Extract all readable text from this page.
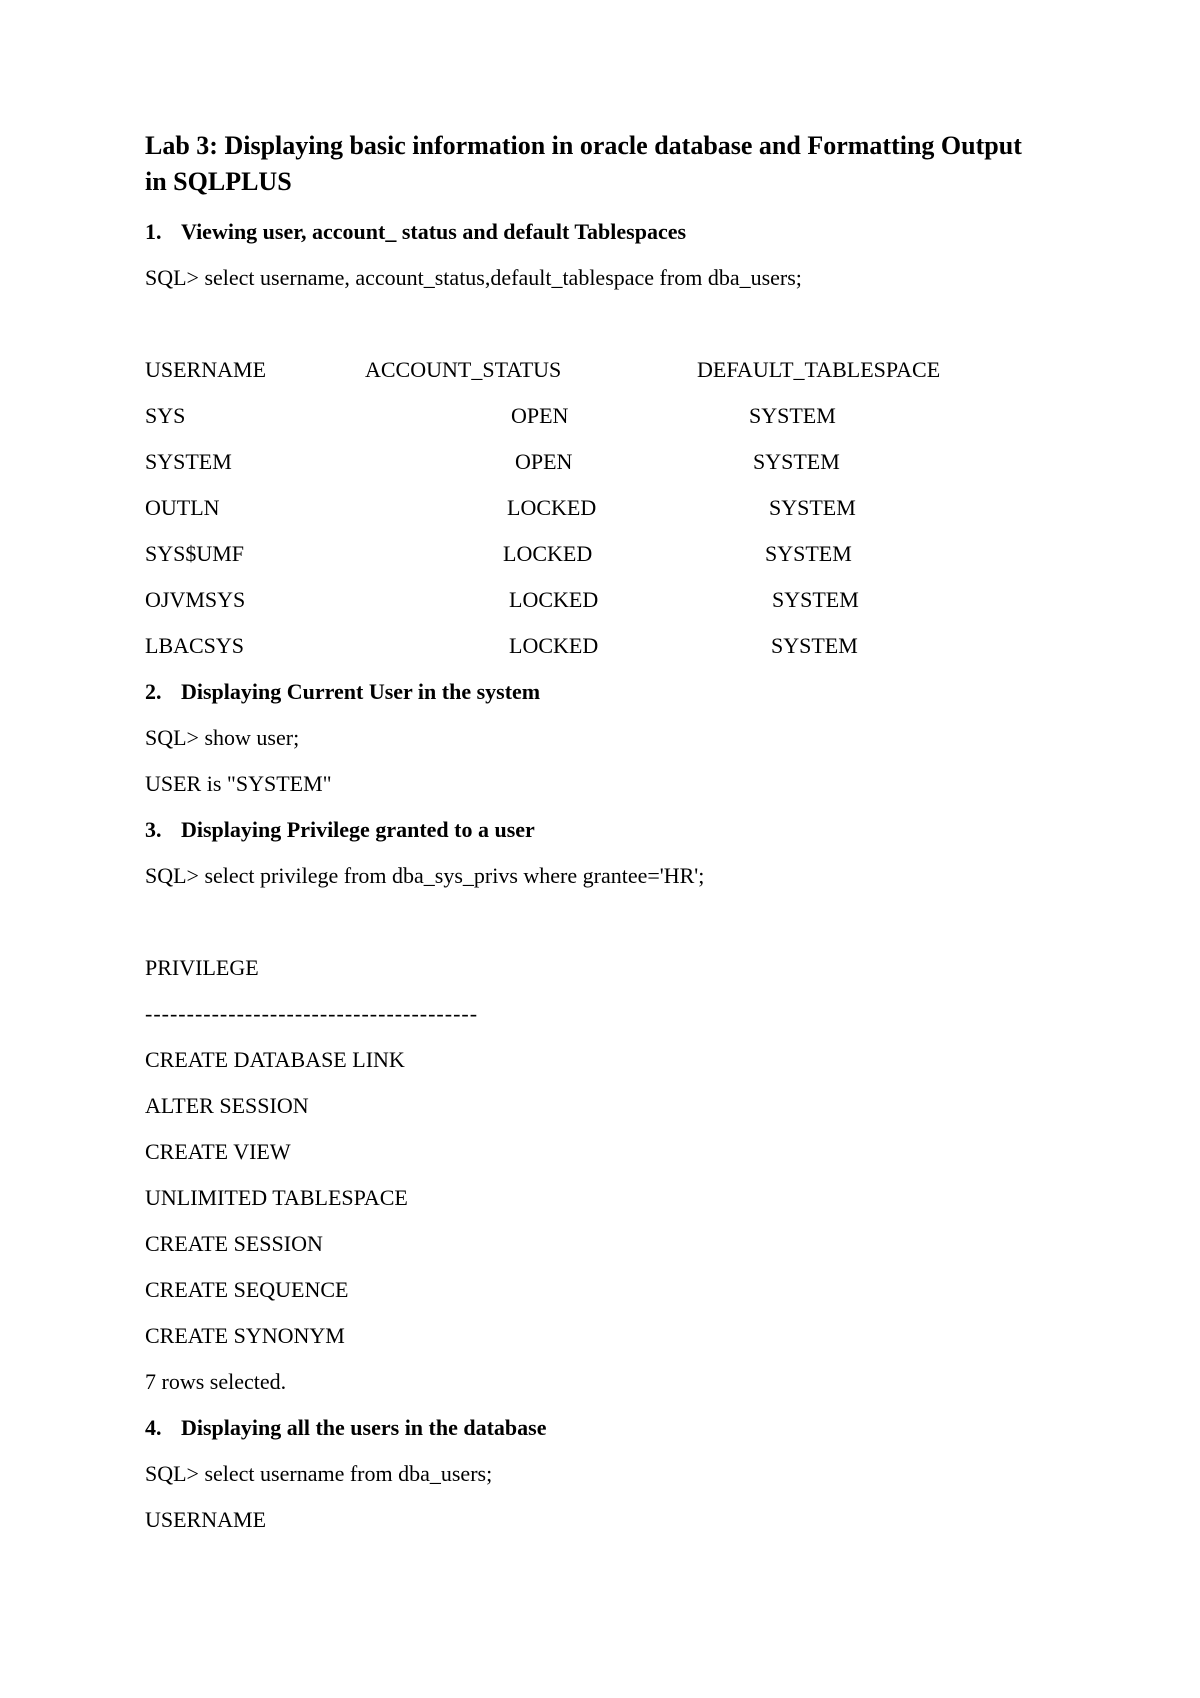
Lab 3: Displaying basic information in oracle database and Formatting Output in SQLPLUS
1. Viewing user, account_ status and default Tablespaces
SQL> select username, account_status,default_tablespace from dba_users;
USERNAME	ACCOUNT_STATUS	DEFAULT_TABLESPACE
SYS	OPEN	SYSTEM
SYSTEM	OPEN	SYSTEM
OUTLN	LOCKED	SYSTEM
SYS$UMF	LOCKED	SYSTEM
OJVMSYS	LOCKED	SYSTEM
LBACSYS	LOCKED	SYSTEM
2. Displaying Current User in the system
SQL> show user;
USER is "SYSTEM"
3. Displaying Privilege granted to a user
SQL> select privilege from dba_sys_privs where grantee='HR';
PRIVILEGE
----------------------------------------
CREATE DATABASE LINK
ALTER SESSION
CREATE VIEW
UNLIMITED TABLESPACE
CREATE SESSION
CREATE SEQUENCE
CREATE SYNONYM
7 rows selected.
4. Displaying all the users in the database
SQL> select username from dba_users;
USERNAME
